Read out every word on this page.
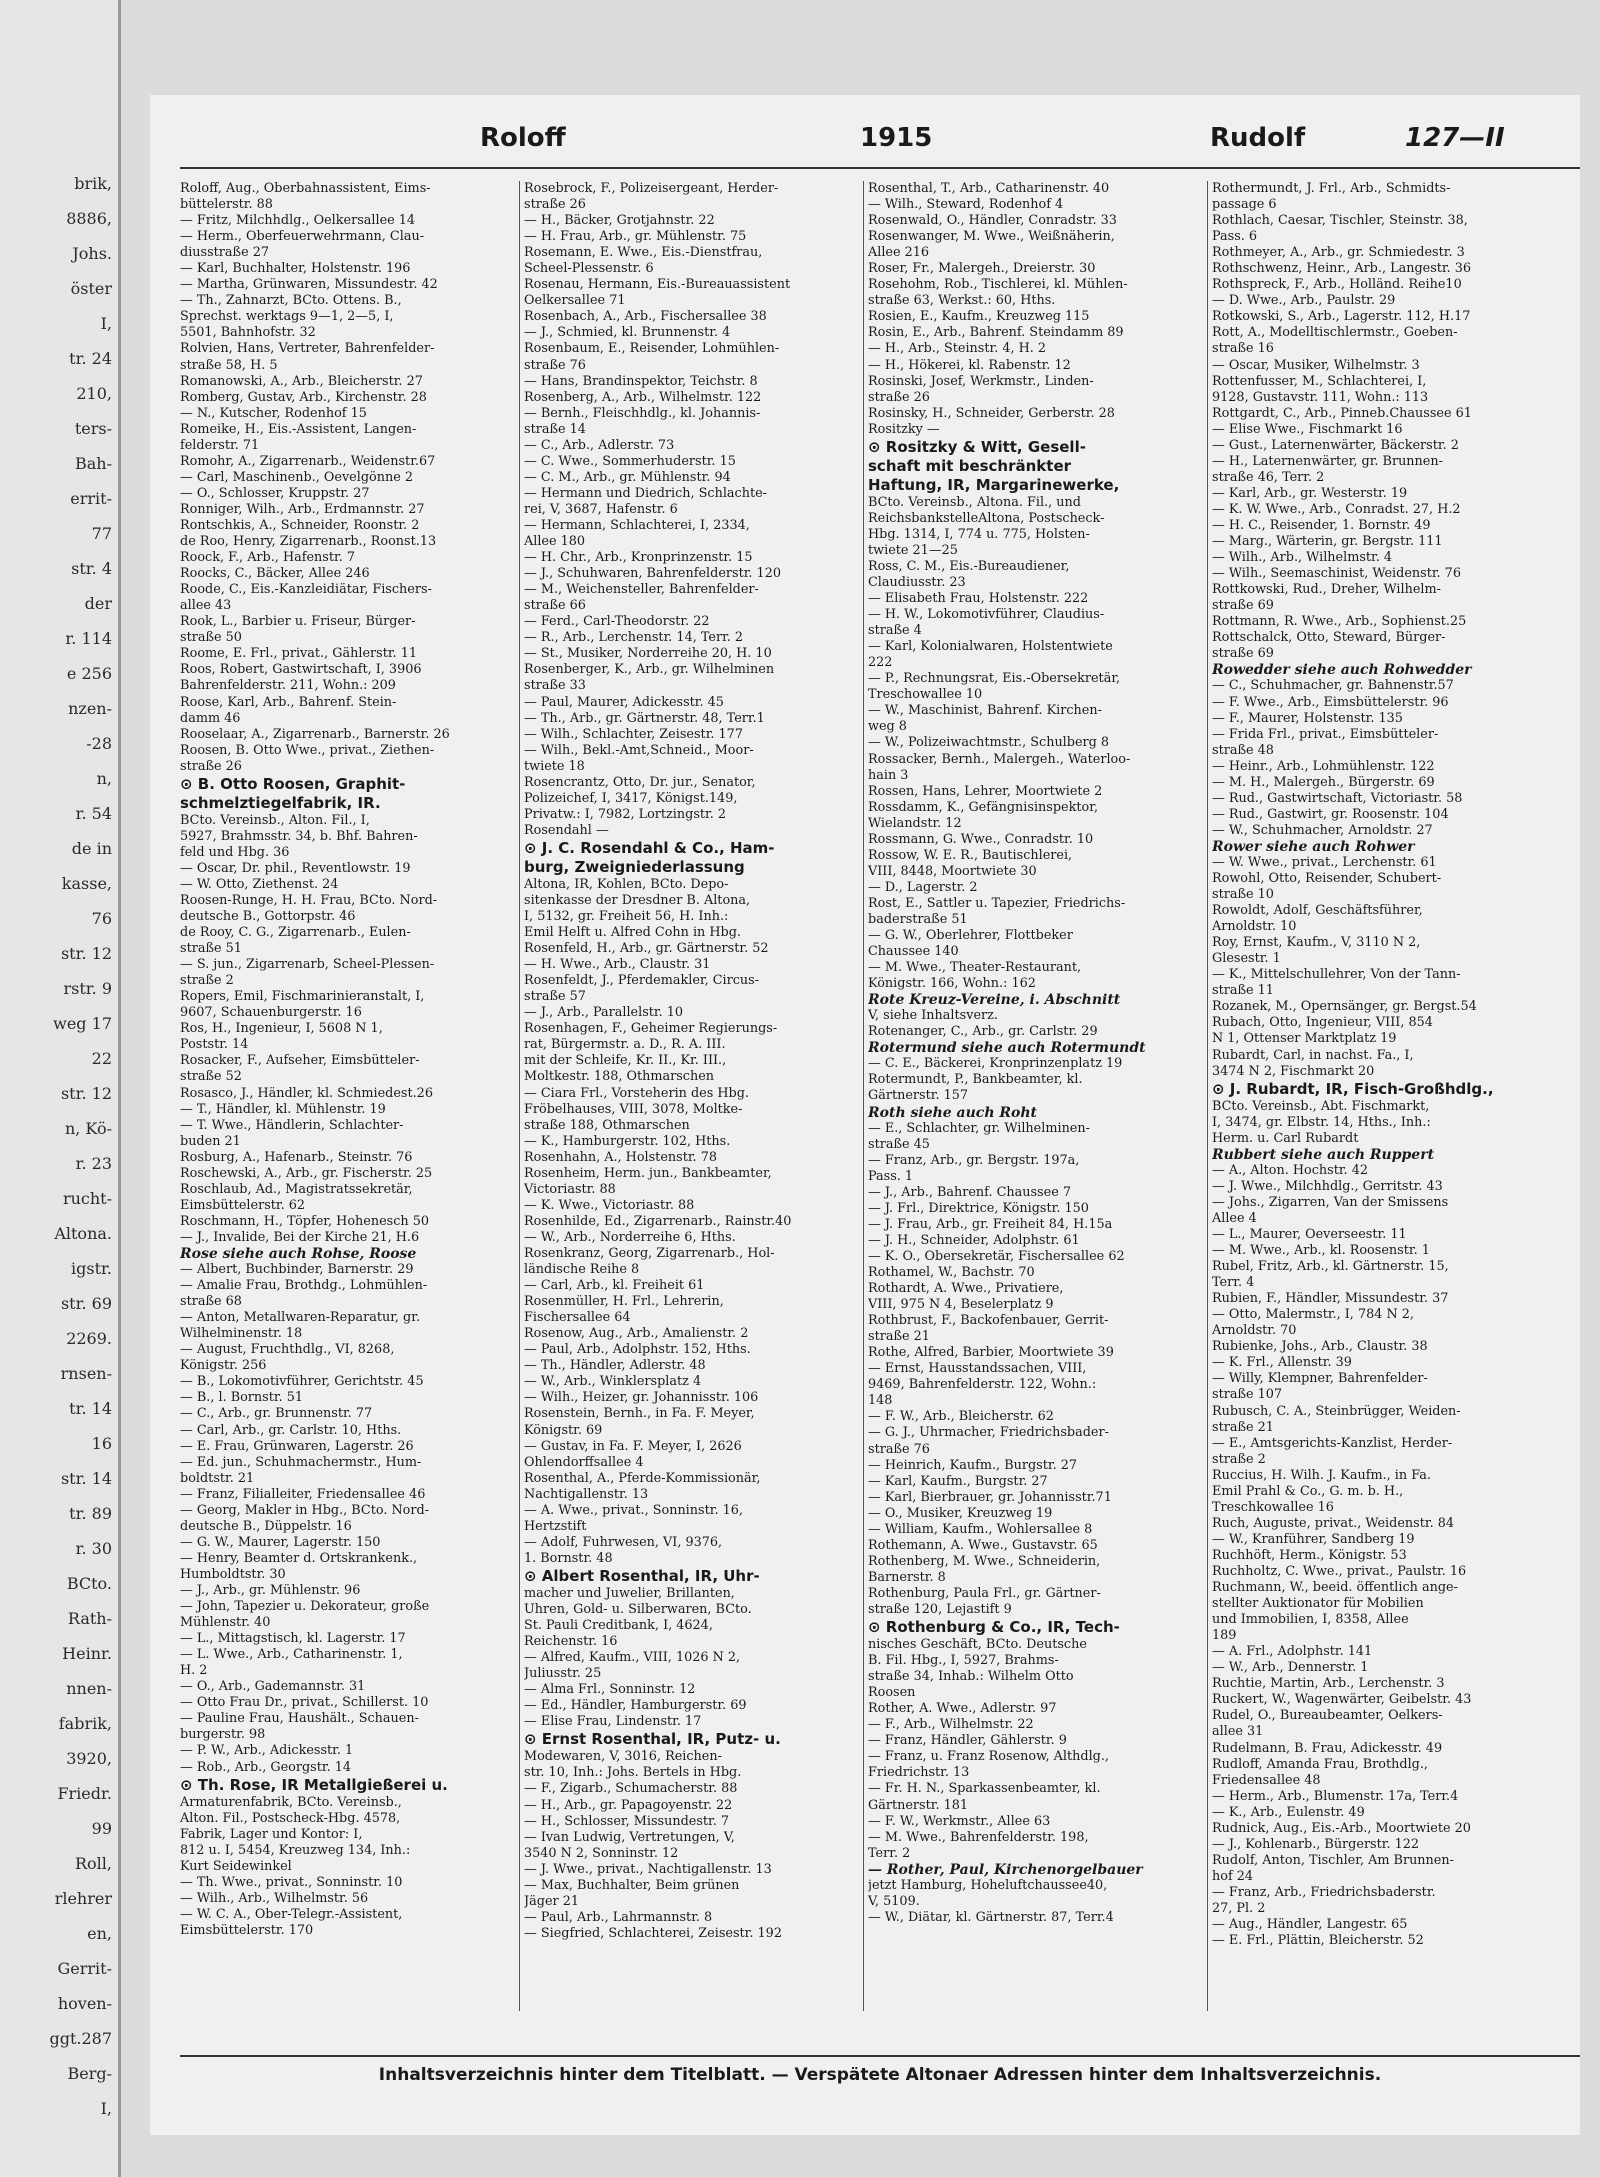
brik,
8886,
Johs.
öster
I,
tr. 24
210,
ters-
Bah-
errit-
77
str. 4
der
r. 114
e 256
nzen-
-28
n,
r. 54
de in
kasse,
76
str. 12
rstr. 9
weg 17
22
str. 12
n, Kö-
r. 23
rucht-
Altona.
igstr.
str. 69
2269.
rnsen-
tr. 14
16
str. 14
tr. 89
r. 30
BCto.
Rath-
Heinr.
nnen-
fabrik,
3920,
Friedr.
99
Roll,
rlehrer
en,
Gerrit-
hoven-
ggt.287
Berg-
I,
Roloff	1915	Rudolf	127—II
Roloff, Aug., Oberbahnassistent, Eims-
büttelerstr. 88
— Fritz, Milchhdlg., Oelkersallee 14
— Herm., Oberfeuerwehrmann, Clau-
diusstraße 27
— Karl, Buchhalter, Holstenstr. 196
— Martha, Grünwaren, Missundestr. 42
— Th., Zahnarzt, BCto. Ottens. B.,
Sprechst. werktags 9—1, 2—5, I,
5501, Bahnhofstr. 32
Rolvien, Hans, Vertreter, Bahrenfelder-
straße 58, H. 5
Romanowski, A., Arb., Bleicherstr. 27
Romberg, Gustav, Arb., Kirchenstr. 28
— N., Kutscher, Rodenhof 15
Romeike, H., Eis.-Assistent, Langen-
felderstr. 71
Romohr, A., Zigarrenarb., Weidenstr.67
— Carl, Maschinenb., Oevelgönne 2
— O., Schlosser, Kruppstr. 27
Ronniger, Wilh., Arb., Erdmannstr. 27
Rontschkis, A., Schneider, Roonstr. 2
de Roo, Henry, Zigarrenarb., Roonst.13
Roock, F., Arb., Hafenstr. 7
Roocks, C., Bäcker, Allee 246
Roode, C., Eis.-Kanzleidiätar, Fischers-
allee 43
Rook, L., Barbier u. Friseur, Bürger-
straße 50
Roome, E. Frl., privat., Gählerstr. 11
Roos, Robert, Gastwirtschaft, I, 3906
Bahrenfelderstr. 211, Wohn.: 209
Roose, Karl, Arb., Bahrenf. Stein-
damm 46
Rooselaar, A., Zigarrenarb., Barnerstr. 26
Roosen, B. Otto Wwe., privat., Ziethen-
straße 26
⊙ B. Otto Roosen, Graphit-
schmelztiegelfabrik, IR.
BCto. Vereinsb., Alton. Fil., I,
5927, Brahmsstr. 34, b. Bhf. Bahren-
feld und Hbg. 36
— Oscar, Dr. phil., Reventlowstr. 19
— W. Otto, Ziethenst. 24
Roosen-Runge, H. H. Frau, BCto. Nord-
deutsche B., Gottorpstr. 46
de Rooy, C. G., Zigarrenarb., Eulen-
straße 51
— S. jun., Zigarrenarb, Scheel-Plessen-
straße 2
Ropers, Emil, Fischmarinieranstalt, I,
9607, Schauenburgerstr. 16
Ros, H., Ingenieur, I, 5608 N 1,
Poststr. 14
Rosacker, F., Aufseher, Eimsbütteler-
straße 52
Rosasco, J., Händler, kl. Schmiedest.26
— T., Händler, kl. Mühlenstr. 19
— T. Wwe., Händlerin, Schlachter-
buden 21
Rosburg, A., Hafenarb., Steinstr. 76
Roschewski, A., Arb., gr. Fischerstr. 25
Roschlaub, Ad., Magistratssekretär,
Eimsbüttelerstr. 62
Roschmann, H., Töpfer, Hohenesch 50
— J., Invalide, Bei der Kirche 21, H.6
Rose siehe auch Rohse, Roose
— Albert, Buchbinder, Barnerstr. 29
— Amalie Frau, Brothdg., Lohmühlen-
straße 68
— Anton, Metallwaren-Reparatur, gr.
Wilhelminenstr. 18
— August, Fruchthdlg., VI, 8268,
Königstr. 256
— B., Lokomotivführer, Gerichtstr. 45
— B., l. Bornstr. 51
— C., Arb., gr. Brunnenstr. 77
— Carl, Arb., gr. Carlstr. 10, Hths.
— E. Frau, Grünwaren, Lagerstr. 26
— Ed. jun., Schuhmachermstr., Hum-
boldtstr. 21
— Franz, Filialleiter, Friedensallee 46
— Georg, Makler in Hbg., BCto. Nord-
deutsche B., Düppelstr. 16
— G. W., Maurer, Lagerstr. 150
— Henry, Beamter d. Ortskrankenk.,
Humboldtstr. 30
— J., Arb., gr. Mühlenstr. 96
— John, Tapezier u. Dekorateur, große
Mühlenstr. 40
— L., Mittagstisch, kl. Lagerstr. 17
— L. Wwe., Arb., Catharinenstr. 1,
H. 2
— O., Arb., Gademannstr. 31
— Otto Frau Dr., privat., Schillerst. 10
— Pauline Frau, Haushält., Schauen-
burgerstr. 98
— P. W., Arb., Adickesstr. 1
— Rob., Arb., Georgstr. 14
⊙ Th. Rose, IR Metallgießerei u.
Armaturenfabrik, BCto. Vereinsb.,
Alton. Fil., Postscheck-Hbg. 4578,
Fabrik, Lager und Kontor: I,
812 u. I, 5454, Kreuzweg 134, Inh.:
Kurt Seidewinkel
— Th. Wwe., privat., Sonninstr. 10
— Wilh., Arb., Wilhelmstr. 56
— W. C. A., Ober-Telegr.-Assistent,
Eimsbüttelerstr. 170
Rosebrock, F., Polizeisergeant, Herder-
straße 26
— H., Bäcker, Grotjahnstr. 22
— H. Frau, Arb., gr. Mühlenstr. 75
Rosemann, E. Wwe., Eis.-Dienstfrau,
Scheel-Plessenstr. 6
Rosenau, Hermann, Eis.-Bureauassistent
Oelkersallee 71
Rosenbach, A., Arb., Fischersallee 38
— J., Schmied, kl. Brunnenstr. 4
Rosenbaum, E., Reisender, Lohmühlen-
straße 76
— Hans, Brandinspektor, Teichstr. 8
Rosenberg, A., Arb., Wilhelmstr. 122
— Bernh., Fleischhdlg., kl. Johannis-
straße 14
— C., Arb., Adlerstr. 73
— C. Wwe., Sommerhuderstr. 15
— C. M., Arb., gr. Mühlenstr. 94
— Hermann und Diedrich, Schlachte-
rei, V, 3687, Hafenstr. 6
— Hermann, Schlachterei, I, 2334,
Allee 180
— H. Chr., Arb., Kronprinzenstr. 15
— J., Schuhwaren, Bahrenfelderstr. 120
— M., Weichensteller, Bahrenfelder-
straße 66
— Ferd., Carl-Theodorstr. 22
— R., Arb., Lerchenstr. 14, Terr. 2
— St., Musiker, Norderreihe 20, H. 10
Rosenberger, K., Arb., gr. Wilhelminen
straße 33
— Paul, Maurer, Adickesstr. 45
— Th., Arb., gr. Gärtnerstr. 48, Terr.1
— Wilh., Schlachter, Zeisestr. 177
— Wilh., Bekl.-Amt,Schneid., Moor-
twiete 18
Rosencrantz, Otto, Dr. jur., Senator,
Polizeichef, I, 3417, Königst.149,
Privatw.: I, 7982, Lortzingstr. 2
Rosendahl —
⊙ J. C. Rosendahl & Co., Ham-
burg, Zweigniederlassung
Altona, IR, Kohlen, BCto. Depo-
sitenkasse der Dresdner B. Altona,
I, 5132, gr. Freiheit 56, H. Inh.:
Emil Helft u. Alfred Cohn in Hbg.
Rosenfeld, H., Arb., gr. Gärtnerstr. 52
— H. Wwe., Arb., Claustr. 31
Rosenfeldt, J., Pferdemakler, Circus-
straße 57
— J., Arb., Parallelstr. 10
Rosenhagen, F., Geheimer Regierungs-
rat, Bürgermstr. a. D., R. A. III.
mit der Schleife, Kr. II., Kr. III.,
Moltkestr. 188, Othmarschen
— Ciara Frl., Vorsteherin des Hbg.
Fröbelhauses, VIII, 3078, Moltke-
straße 188, Othmarschen
— K., Hamburgerstr. 102, Hths.
Rosenhahn, A., Holstenstr. 78
Rosenheim, Herm. jun., Bankbeamter,
Victoriastr. 88
— K. Wwe., Victoriastr. 88
Rosenhilde, Ed., Zigarrenarb., Rainstr.40
— W., Arb., Norderreihe 6, Hths.
Rosenkranz, Georg, Zigarrenarb., Hol-
ländische Reihe 8
— Carl, Arb., kl. Freiheit 61
Rosenmüller, H. Frl., Lehrerin,
Fischersallee 64
Rosenow, Aug., Arb., Amalienstr. 2
— Paul, Arb., Adolphstr. 152, Hths.
— Th., Händler, Adlerstr. 48
— W., Arb., Winklersplatz 4
— Wilh., Heizer, gr. Johannisstr. 106
Rosenstein, Bernh., in Fa. F. Meyer,
Königstr. 69
— Gustav, in Fa. F. Meyer, I, 2626
Ohlendorffsallee 4
Rosenthal, A., Pferde-Kommissionär,
Nachtigallenstr. 13
— A. Wwe., privat., Sonninstr. 16,
Hertzstift
— Adolf, Fuhrwesen, VI, 9376,
1. Bornstr. 48
⊙ Albert Rosenthal, IR, Uhr-
macher und Juwelier, Brillanten,
Uhren, Gold- u. Silberwaren, BCto.
St. Pauli Creditbank, I, 4624,
Reichenstr. 16
— Alfred, Kaufm., VIII, 1026 N 2,
Juliusstr. 25
— Alma Frl., Sonninstr. 12
— Ed., Händler, Hamburgerstr. 69
— Elise Frau, Lindenstr. 17
⊙ Ernst Rosenthal, IR, Putz- u.
Modewaren, V, 3016, Reichen-
str. 10, Inh.: Johs. Bertels in Hbg.
— F., Zigarb., Schumacherstr. 88
— H., Arb., gr. Papagoyenstr. 22
— H., Schlosser, Missundestr. 7
— Ivan Ludwig, Vertretungen, V,
3540 N 2, Sonninstr. 12
— J. Wwe., privat., Nachtigallenstr. 13
— Max, Buchhalter, Beim grünen
Jäger 21
— Paul, Arb., Lahrmannstr. 8
— Siegfried, Schlachterei, Zeisestr. 192
Rosenthal, T., Arb., Catharinenstr. 40
— Wilh., Steward, Rodenhof 4
Rosenwald, O., Händler, Conradstr. 33
Rosenwanger, M. Wwe., Weißnäherin,
Allee 216
Roser, Fr., Malergeh., Dreierstr. 30
Rosehohm, Rob., Tischlerei, kl. Mühlen-
straße 63, Werkst.: 60, Hths.
Rosien, E., Kaufm., Kreuzweg 115
Rosin, E., Arb., Bahrenf. Steindamm 89
— H., Arb., Steinstr. 4, H. 2
— H., Hökerei, kl. Rabenstr. 12
Rosinski, Josef, Werkmstr., Linden-
straße 26
Rosinsky, H., Schneider, Gerberstr. 28
Rositzky —
⊙ Rositzky & Witt, Gesell-
schaft mit beschränkter
Haftung, IR, Margarinewerke,
BCto. Vereinsb., Altona. Fil., und
ReichsbankstelleAltona, Postscheck-
Hbg. 1314, I, 774 u. 775, Holsten-
twiete 21—25
Ross, C. M., Eis.-Bureaudiener,
Claudiusstr. 23
— Elisabeth Frau, Holstenstr. 222
— H. W., Lokomotivführer, Claudius-
straße 4
— Karl, Kolonialwaren, Holstentwiete
222
— P., Rechnungsrat, Eis.-Obersekretär,
Treschowallee 10
— W., Maschinist, Bahrenf. Kirchen-
weg 8
— W., Polizeiwachtmstr., Schulberg 8
Rossacker, Bernh., Malergeh., Waterloo-
hain 3
Rossen, Hans, Lehrer, Moortwiete 2
Rossdamm, K., Gefängnisinspektor,
Wielandstr. 12
Rossmann, G. Wwe., Conradstr. 10
Rossow, W. E. R., Bautischlerei,
VIII, 8448, Moortwiete 30
— D., Lagerstr. 2
Rost, E., Sattler u. Tapezier, Friedrichs-
baderstraße 51
— G. W., Oberlehrer, Flottbeker
Chaussee 140
— M. Wwe., Theater-Restaurant,
Königstr. 166, Wohn.: 162
Rote Kreuz-Vereine, i. Abschnitt
V, siehe Inhaltsverz.
Rotenanger, C., Arb., gr. Carlstr. 29
Rotermund siehe auch Rotermundt
— C. E., Bäckerei, Kronprinzenplatz 19
Rotermundt, P., Bankbeamter, kl.
Gärtnerstr. 157
Roth siehe auch Roht
— E., Schlachter, gr. Wilhelminen-
straße 45
— Franz, Arb., gr. Bergstr. 197a,
Pass. 1
— J., Arb., Bahrenf. Chaussee 7
— J. Frl., Direktrice, Königstr. 150
— J. Frau, Arb., gr. Freiheit 84, H.15a
— J. H., Schneider, Adolphstr. 61
— K. O., Obersekretär, Fischersallee 62
Rothamel, W., Bachstr. 70
Rothardt, A. Wwe., Privatiere,
VIII, 975 N 4, Beselerplatz 9
Rothbrust, F., Backofenbauer, Gerrit-
straße 21
Rothe, Alfred, Barbier, Moortwiete 39
— Ernst, Hausstandssachen, VIII,
9469, Bahrenfelderstr. 122, Wohn.:
148
— F. W., Arb., Bleicherstr. 62
— G. J., Uhrmacher, Friedrichsbader-
straße 76
— Heinrich, Kaufm., Burgstr. 27
— Karl, Kaufm., Burgstr. 27
— Karl, Bierbrauer, gr. Johannisstr.71
— O., Musiker, Kreuzweg 19
— William, Kaufm., Wohlersallee 8
Rothemann, A. Wwe., Gustavstr. 65
Rothenberg, M. Wwe., Schneiderin,
Barnerstr. 8
Rothenburg, Paula Frl., gr. Gärtner-
straße 120, Lejastift 9
⊙ Rothenburg & Co., IR, Tech-
nisches Geschäft, BCto. Deutsche
B. Fil. Hbg., I, 5927, Brahms-
straße 34, Inhab.: Wilhelm Otto
Roosen
Rother, A. Wwe., Adlerstr. 97
— F., Arb., Wilhelmstr. 22
— Franz, Händler, Gählerstr. 9
— Franz, u. Franz Rosenow, Althdlg.,
Friedrichstr. 13
— Fr. H. N., Sparkassenbeamter, kl.
Gärtnerstr. 181
— F. W., Werkmstr., Allee 63
— M. Wwe., Bahrenfelderstr. 198,
Terr. 2
— Rother, Paul, Kirchenorgelbauer
jetzt Hamburg, Hoheluftchaussee40,
V, 5109.
— W., Diätar, kl. Gärtnerstr. 87, Terr.4
Rothermundt, J. Frl., Arb., Schmidts-
passage 6
Rothlach, Caesar, Tischler, Steinstr. 38,
Pass. 6
Rothmeyer, A., Arb., gr. Schmiedestr. 3
Rothschwenz, Heinr., Arb., Langestr. 36
Rothspreck, F., Arb., Holländ. Reihe10
— D. Wwe., Arb., Paulstr. 29
Rotkowski, S., Arb., Lagerstr. 112, H.17
Rott, A., Modelltischlermstr., Goeben-
straße 16
— Oscar, Musiker, Wilhelmstr. 3
Rottenfusser, M., Schlachterei, I,
9128, Gustavstr. 111, Wohn.: 113
Rottgardt, C., Arb., Pinneb.Chaussee 61
— Elise Wwe., Fischmarkt 16
— Gust., Laternenwärter, Bäckerstr. 2
— H., Laternenwärter, gr. Brunnen-
straße 46, Terr. 2
— Karl, Arb., gr. Westerstr. 19
— K. W. Wwe., Arb., Conradst. 27, H.2
— H. C., Reisender, 1. Bornstr. 49
— Marg., Wärterin, gr. Bergstr. 111
— Wilh., Arb., Wilhelmstr. 4
— Wilh., Seemaschinist, Weidenstr. 76
Rottkowski, Rud., Dreher, Wilhelm-
straße 69
Rottmann, R. Wwe., Arb., Sophienst.25
Rottschalck, Otto, Steward, Bürger-
straße 69
Rowedder siehe auch Rohwedder
— C., Schuhmacher, gr. Bahnenstr.57
— F. Wwe., Arb., Eimsbüttelerstr. 96
— F., Maurer, Holstenstr. 135
— Frida Frl., privat., Eimsbütteler-
straße 48
— Heinr., Arb., Lohmühlenstr. 122
— M. H., Malergeh., Bürgerstr. 69
— Rud., Gastwirtschaft, Victoriastr. 58
— Rud., Gastwirt, gr. Roosenstr. 104
— W., Schuhmacher, Arnoldstr. 27
Rower siehe auch Rohwer
— W. Wwe., privat., Lerchenstr. 61
Rowohl, Otto, Reisender, Schubert-
straße 10
Rowoldt, Adolf, Geschäftsführer,
Arnoldstr. 10
Roy, Ernst, Kaufm., V, 3110 N 2,
Glesestr. 1
— K., Mittelschullehrer, Von der Tann-
straße 11
Rozanek, M., Opernsänger, gr. Bergst.54
Rubach, Otto, Ingenieur, VIII, 854
N 1, Ottenser Marktplatz 19
Rubardt, Carl, in nachst. Fa., I,
3474 N 2, Fischmarkt 20
⊙ J. Rubardt, IR, Fisch-Großhdlg.,
BCto. Vereinsb., Abt. Fischmarkt,
I, 3474, gr. Elbstr. 14, Hths., Inh.:
Herm. u. Carl Rubardt
Rubbert siehe auch Ruppert
— A., Alton. Hochstr. 42
— J. Wwe., Milchhdlg., Gerritstr. 43
— Johs., Zigarren, Van der Smissens
Allee 4
— L., Maurer, Oeverseestr. 11
— M. Wwe., Arb., kl. Roosenstr. 1
Rubel, Fritz, Arb., kl. Gärtnerstr. 15,
Terr. 4
Rubien, F., Händler, Missundestr. 37
— Otto, Malermstr., I, 784 N 2,
Arnoldstr. 70
Rubienke, Johs., Arb., Claustr. 38
— K. Frl., Allenstr. 39
— Willy, Klempner, Bahrenfelder-
straße 107
Rubusch, C. A., Steinbrügger, Weiden-
straße 21
— E., Amtsgerichts-Kanzlist, Herder-
straße 2
Ruccius, H. Wilh. J. Kaufm., in Fa.
Emil Prahl & Co., G. m. b. H.,
Treschkowallee 16
Ruch, Auguste, privat., Weidenstr. 84
— W., Kranführer, Sandberg 19
Ruchhöft, Herm., Königstr. 53
Ruchholtz, C. Wwe., privat., Paulstr. 16
Ruchmann, W., beeid. öffentlich ange-
stellter Auktionator für Mobilien
und Immobilien, I, 8358, Allee
189
— A. Frl., Adolphstr. 141
— W., Arb., Dennerstr. 1
Ruchtie, Martin, Arb., Lerchenstr. 3
Ruckert, W., Wagenwärter, Geibelstr. 43
Rudel, O., Bureaubeamter, Oelkers-
allee 31
Rudelmann, B. Frau, Adickesstr. 49
Rudloff, Amanda Frau, Brothdlg.,
Friedensallee 48
— Herm., Arb., Blumenstr. 17a, Terr.4
— K., Arb., Eulenstr. 49
Rudnick, Aug., Eis.-Arb., Moortwiete 20
— J., Kohlenarb., Bürgerstr. 122
Rudolf, Anton, Tischler, Am Brunnen-
hof 24
— Franz, Arb., Friedrichsbaderstr.
27, Pl. 2
— Aug., Händler, Langestr. 65
— E. Frl., Plättin, Bleicherstr. 52
Inhaltsverzeichnis hinter dem Titelblatt. — Verspätete Altonaer Adressen hinter dem Inhaltsverzeichnis.
